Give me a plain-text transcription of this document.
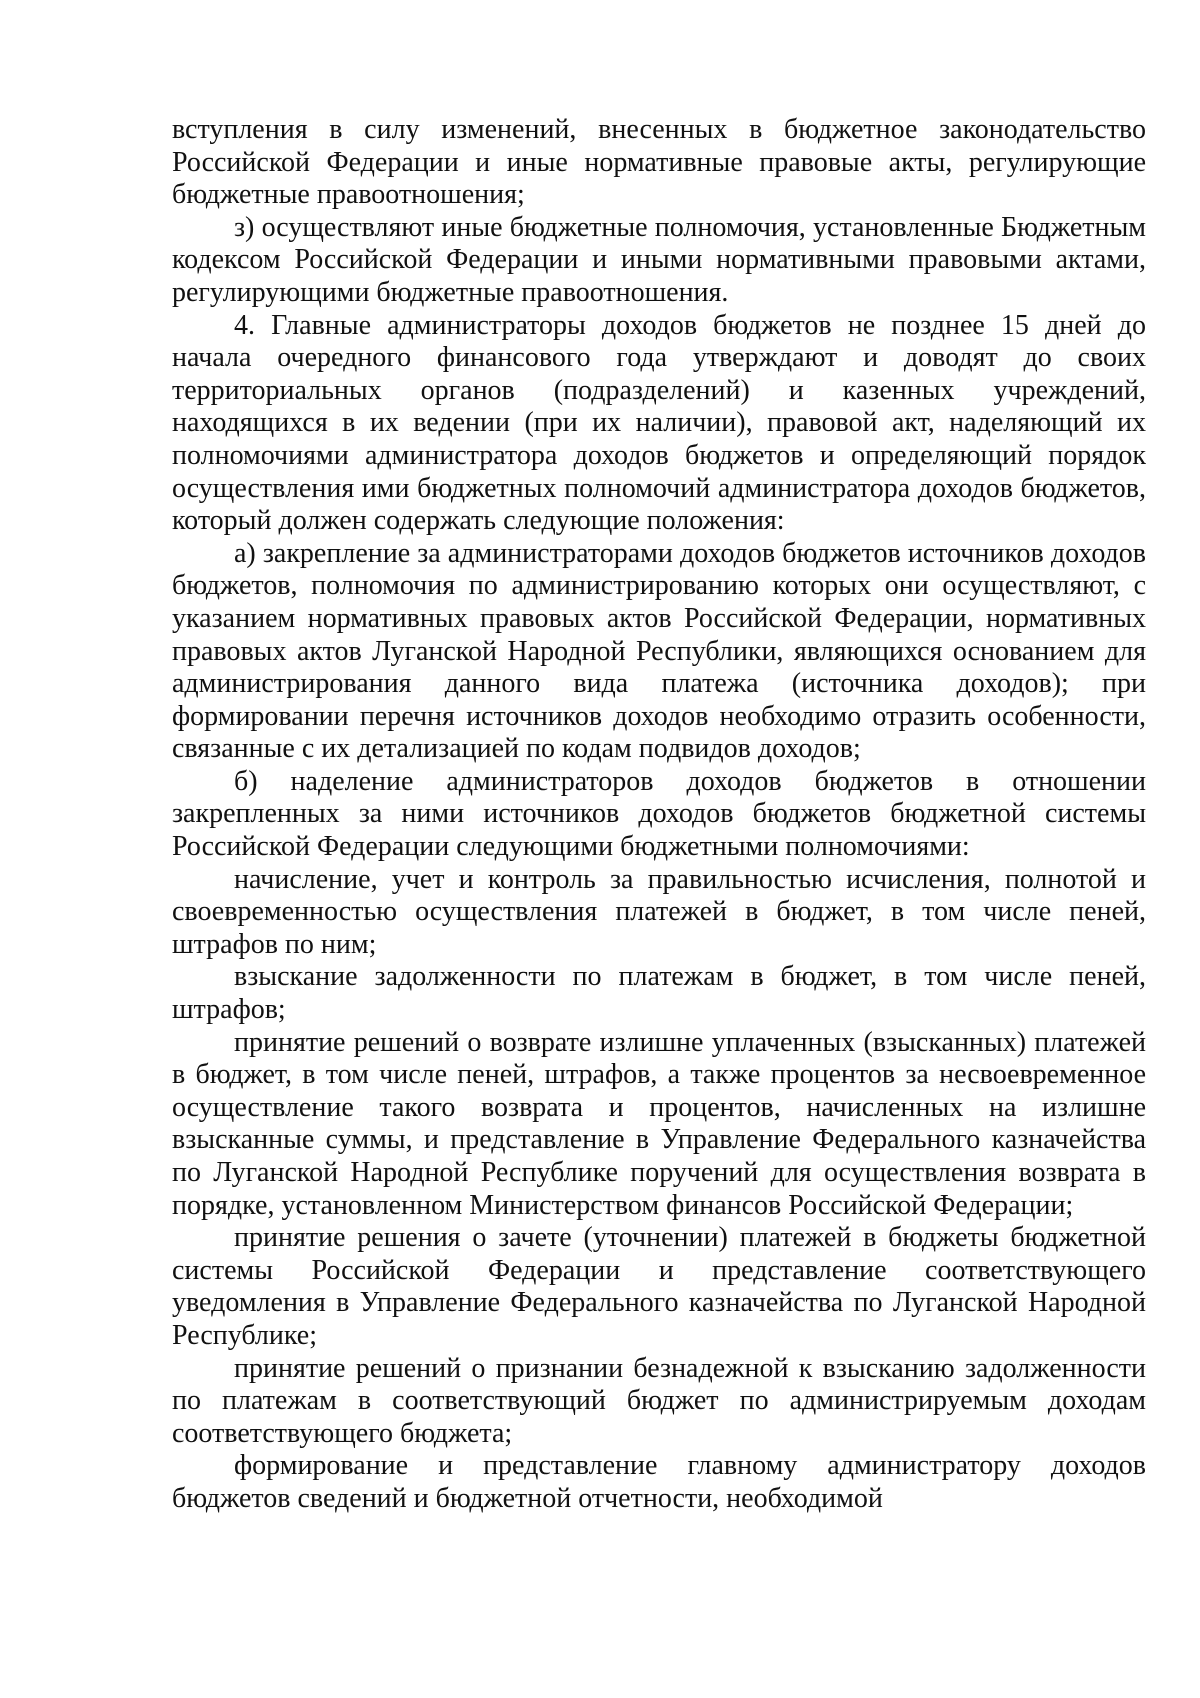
вступления в силу изменений, внесенных в бюджетное законодательство Российской Федерации и иные нормативные правовые акты, регулирующие бюджетные правоотношения;

з) осуществляют иные бюджетные полномочия, установленные Бюджетным кодексом Российской Федерации и иными нормативными правовыми актами, регулирующими бюджетные правоотношения.

4. Главные администраторы доходов бюджетов не позднее 15 дней до начала очередного финансового года утверждают и доводят до своих территориальных органов (подразделений) и казенных учреждений, находящихся в их ведении (при их наличии), правовой акт, наделяющий их полномочиями администратора доходов бюджетов и определяющий порядок осуществления ими бюджетных полномочий администратора доходов бюджетов, который должен содержать следующие положения:

а) закрепление за администраторами доходов бюджетов источников доходов бюджетов, полномочия по администрированию которых они осуществляют, с указанием нормативных правовых актов Российской Федерации, нормативных правовых актов Луганской Народной Республики, являющихся основанием для администрирования данного вида платежа (источника доходов); при формировании перечня источников доходов необходимо отразить особенности, связанные с их детализацией по кодам подвидов доходов;

б) наделение администраторов доходов бюджетов в отношении закрепленных за ними источников доходов бюджетов бюджетной системы Российской Федерации следующими бюджетными полномочиями:

начисление, учет и контроль за правильностью исчисления, полнотой и своевременностью осуществления платежей в бюджет, в том числе пеней, штрафов по ним;

взыскание задолженности по платежам в бюджет, в том числе пеней, штрафов;

принятие решений о возврате излишне уплаченных (взысканных) платежей в бюджет, в том числе пеней, штрафов, а также процентов за несвоевременное осуществление такого возврата и процентов, начисленных на излишне взысканные суммы, и представление в Управление Федерального казначейства по Луганской Народной Республике поручений для осуществления возврата в порядке, установленном Министерством финансов Российской Федерации;

принятие решения о зачете (уточнении) платежей в бюджеты бюджетной системы Российской Федерации и представление соответствующего уведомления в Управление Федерального казначейства по Луганской Народной Республике;

принятие решений о признании безнадежной к взысканию задолженности по платежам в соответствующий бюджет по администрируемым доходам соответствующего бюджета;

формирование и представление главному администратору доходов бюджетов сведений и бюджетной отчетности, необходимой
